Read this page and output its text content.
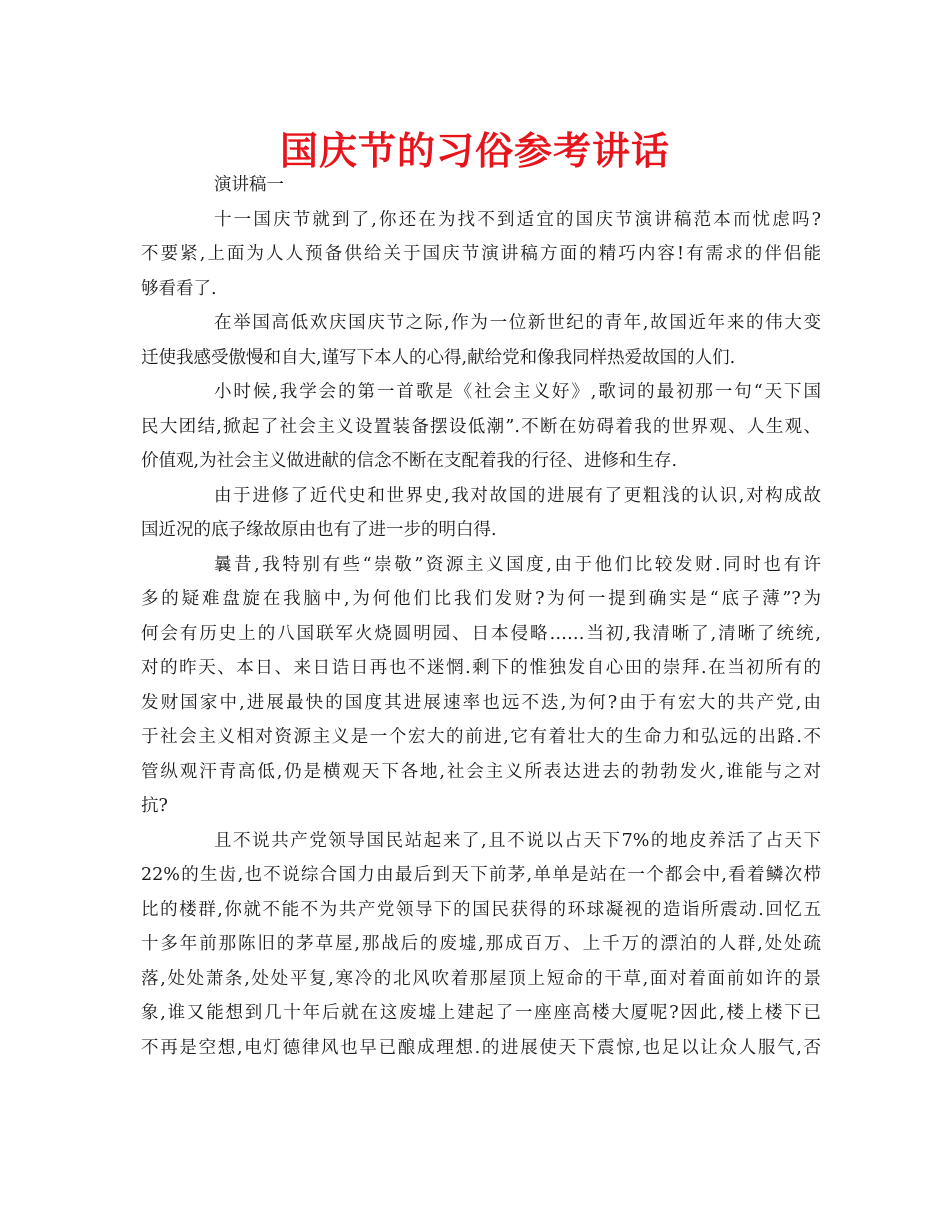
国庆节的习俗参考讲话
演讲稿一
十一国庆节就到了,你还在为找不到适宜的国庆节演讲稿范本而忧虑吗?
不要紧,上面为人人预备供给关于国庆节演讲稿方面的精巧内容!有需求的伴侣能
够看看了.
在举国高低欢庆国庆节之际,作为一位新世纪的青年,故国近年来的伟大变
迁使我感受傲慢和自大,谨写下本人的心得,献给党和像我同样热爱故国的人们.
小时候,我学会的第一首歌是《社会主义好》,歌词的最初那一句“天下国
民大团结,掀起了社会主义设置装备摆设低潮”.不断在妨碍着我的世界观、人生观、
价值观,为社会主义做进献的信念不断在支配着我的行径、进修和生存.
由于进修了近代史和世界史,我对故国的进展有了更粗浅的认识,对构成故
国近况的底子缘故原由也有了进一步的明白得.
曩昔,我特别有些“崇敬”资源主义国度,由于他们比较发财.同时也有许
多的疑难盘旋在我脑中,为何他们比我们发财?为何一提到确实是“底子薄”?为
何会有历史上的八国联军火烧圆明园、日本侵略……当初,我清晰了,清晰了统统,
对的昨天、本日、来日诰日再也不迷惘.剩下的惟独发自心田的崇拜.在当初所有的
发财国家中,进展最快的国度其进展速率也远不迭,为何?由于有宏大的共产党,由
于社会主义相对资源主义是一个宏大的前进,它有着壮大的生命力和弘远的出路.不
管纵观汗青高低,仍是横观天下各地,社会主义所表达进去的勃勃发火,谁能与之对
抗?
且不说共产党领导国民站起来了,且不说以占天下7%的地皮养活了占天下
22%的生齿,也不说综合国力由最后到天下前茅,单单是站在一个都会中,看着鳞次栉
比的楼群,你就不能不为共产党领导下的国民获得的环球凝视的造诣所震动.回忆五
十多年前那陈旧的茅草屋,那战后的废墟,那成百万、上千万的漂泊的人群,处处疏
落,处处萧条,处处平复,寒冷的北风吹着那屋顶上短命的干草,面对着面前如许的景
象,谁又能想到几十年后就在这废墟上建起了一座座高楼大厦呢?因此,楼上楼下已
不再是空想,电灯德律风也早已酿成理想.的进展使天下震惊,也足以让众人服气,否
